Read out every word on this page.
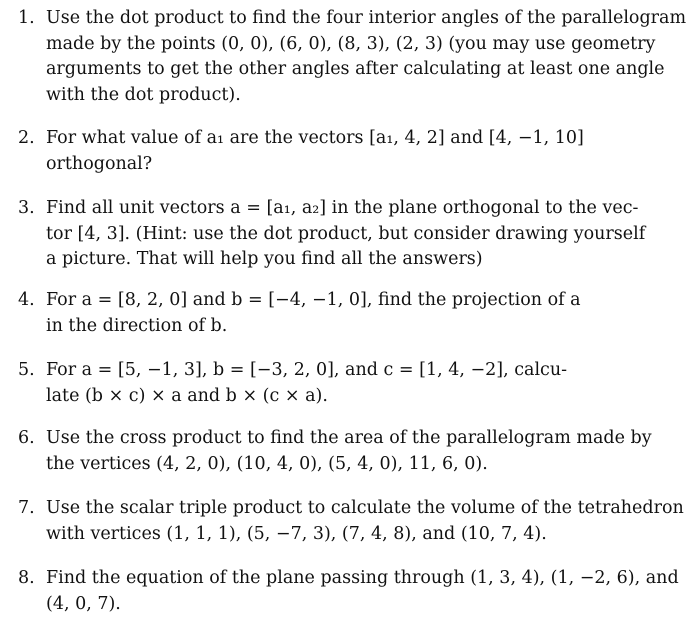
1. Use the dot product to find the four interior angles of the parallelogram
made by the points (0, 0), (6, 0), (8, 3), (2, 3) (you may use geometry
arguments to get the other angles after calculating at least one angle
with the dot product).
2. For what value of a₁ are the vectors [a₁, 4, 2] and [4, −1, 10]
orthogonal?
3. Find all unit vectors a = [a₁, a₂] in the plane orthogonal to the vec-
tor [4, 3]. (Hint: use the dot product, but consider drawing yourself
a picture. That will help you find all the answers)
4. For a = [8, 2, 0] and b = [−4, −1, 0], find the projection of a
in the direction of b.
5. For a = [5, −1, 3], b = [−3, 2, 0], and c = [1, 4, −2], calcu-
late (b × c) × a and b × (c × a).
6. Use the cross product to find the area of the parallelogram made by
the vertices (4, 2, 0), (10, 4, 0), (5, 4, 0), 11, 6, 0).
7. Use the scalar triple product to calculate the volume of the tetrahedron
with vertices (1, 1, 1), (5, −7, 3), (7, 4, 8), and (10, 7, 4).
8. Find the equation of the plane passing through (1, 3, 4), (1, −2, 6), and
(4, 0, 7).
